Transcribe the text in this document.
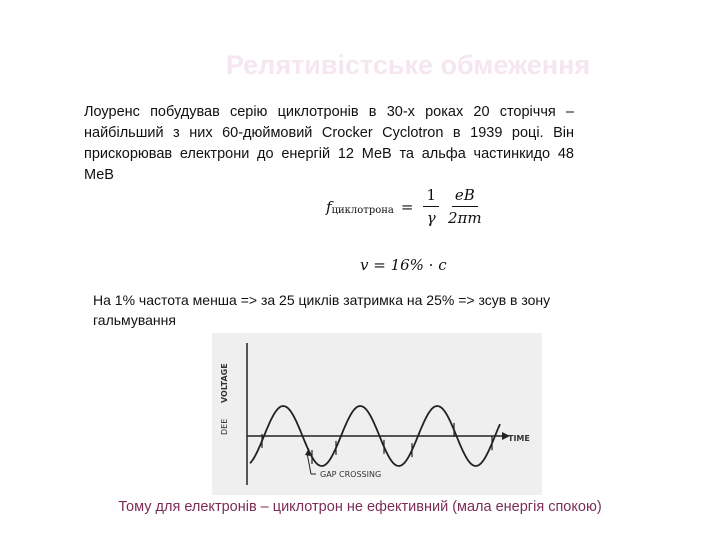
Релятивістське обмеження

Лоуренс побудував серію циклотронів в 30-х роках 20 сторіччя – найбільший з них 60-дюймовий Crocker Cyclotron в 1939 році. Він прискорював електрони до енергій 12 МеВ та альфа частинкидо 48 МеВ

f циклотрона = $\frac{1}{\gamma} \frac{eB}{2\pi m}$
v = 16% · c

На 1% частота менша => за 25 циклів затримка на 25% => зсув в зону гальмування

DEE
VOLTAGE
TIME
GAP CROSSING
Тому для електронів – циклотрон не ефективний (мала енергія спокою)
